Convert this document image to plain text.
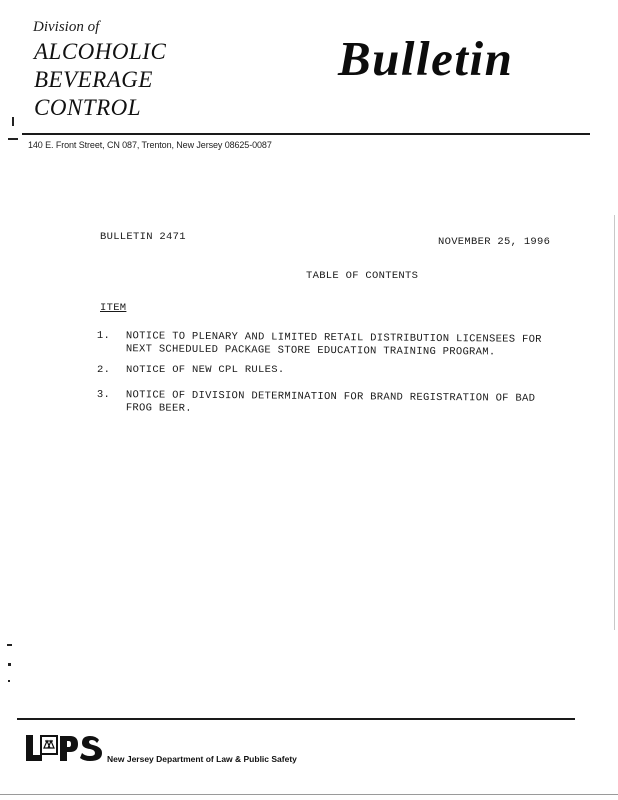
Division of
ALCOHOLIC
BEVERAGE
CONTROL
Bulletin
140 E. Front Street, CN 087, Trenton, New Jersey 08625-0087
BULLETIN 2471	NOVEMBER 25, 1996
TABLE OF CONTENTS
ITEM
1.	NOTICE TO PLENARY AND LIMITED RETAIL DISTRIBUTION LICENSEES FOR
NEXT SCHEDULED PACKAGE STORE EDUCATION TRAINING PROGRAM.
2.	NOTICE OF NEW CPL RULES.
3.	NOTICE OF DIVISION DETERMINATION FOR BRAND REGISTRATION OF BAD
FROG BEER.
New Jersey Department of Law & Public Safety
